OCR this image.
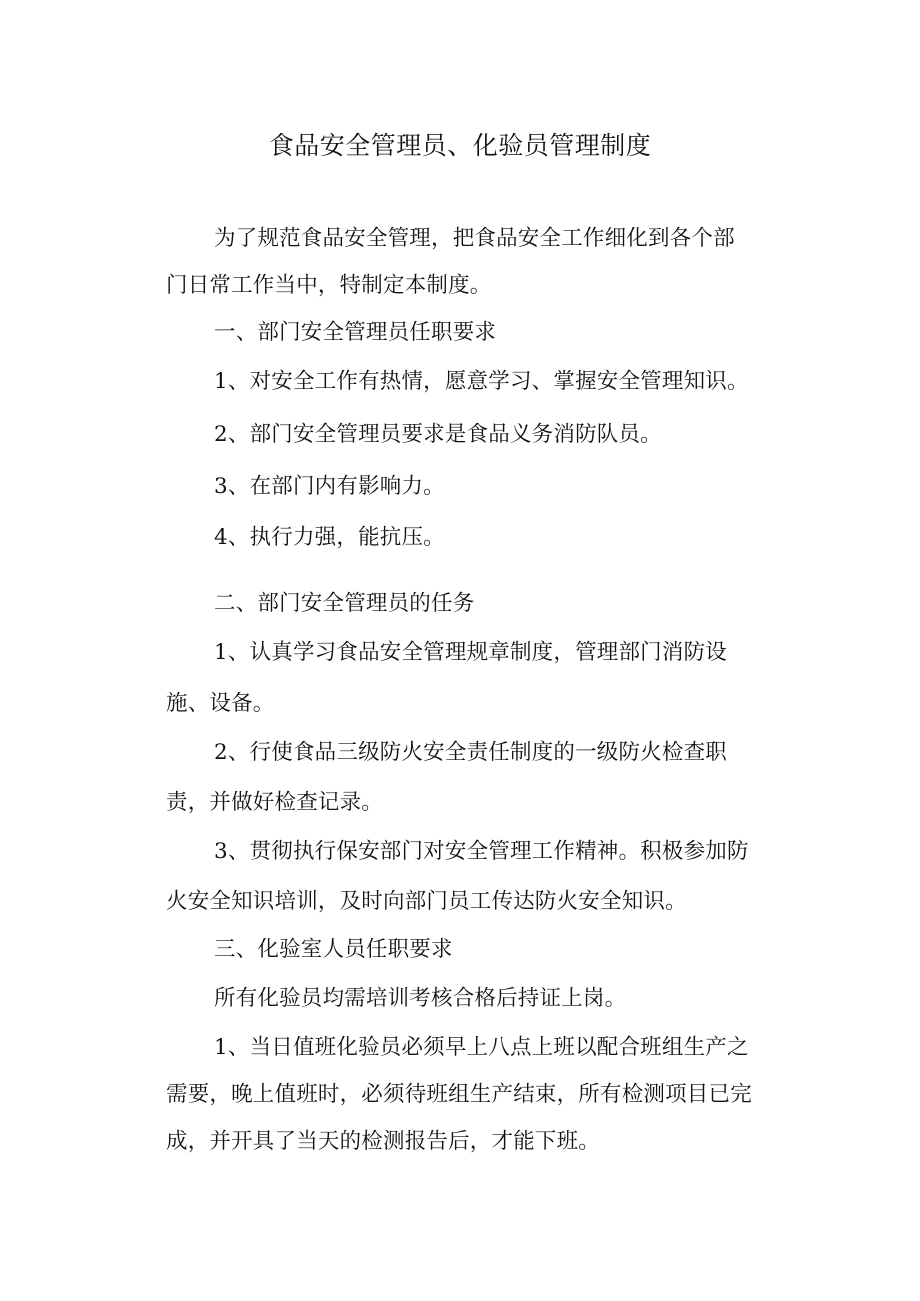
食品安全管理员、化验员管理制度
为了规范食品安全管理，把食品安全工作细化到各个部
门日常工作当中，特制定本制度。
一、部门安全管理员任职要求
1、对安全工作有热情，愿意学习、掌握安全管理知识。
2、部门安全管理员要求是食品义务消防队员。
3、在部门内有影响力。
4、执行力强，能抗压。
二、部门安全管理员的任务
1、认真学习食品安全管理规章制度，管理部门消防设
施、设备。
2、行使食品三级防火安全责任制度的一级防火检查职
责，并做好检查记录。
3、贯彻执行保安部门对安全管理工作精神。积极参加防
火安全知识培训，及时向部门员工传达防火安全知识。
三、化验室人员任职要求
所有化验员均需培训考核合格后持证上岗。
1、当日值班化验员必须早上八点上班以配合班组生产之
需要，晚上值班时，必须待班组生产结束，所有检测项目已完
成，并开具了当天的检测报告后，才能下班。
